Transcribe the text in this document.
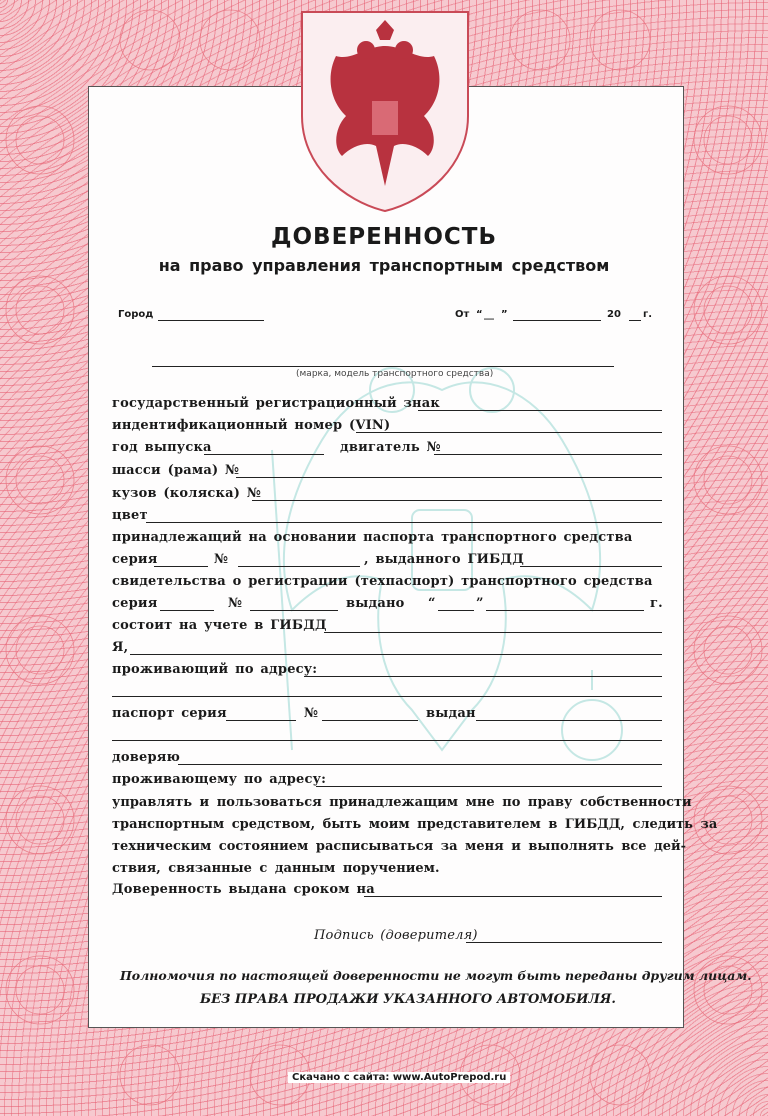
ДОВЕРЕННОСТЬ
на право управления транспортным средством
Город	От “ __ ”	20 г.
(марка, модель транспортного средства)
государственный регистрационный знак
индентификационный номер (VIN)
год выпуска	двигатель №
шасси (рама) №
кузов (коляска) №
цвет
принадлежащий на основании паспорта транспортного средства
серия	№	, выданного ГИБДД
свидетельства о регистрации (техпаспорт) транспортного средства
серия	№	выдано “	”	г.
состоит на учете в ГИБДД
Я,
проживающий по адресу:
паспорт серия	№	выдан
доверяю
проживающему по адресу:
управлять и пользоваться принадлежащим мне по праву собственности
транспортным средством, быть моим представителем в ГИБДД, следить за
техническим состоянием расписываться за меня и выполнять все дей-
ствия, связанные с данным поручением.
Доверенность выдана сроком на
Подпись (доверителя)
Полномочия по настоящей доверенности не могут быть переданы другим лицам.
БЕЗ ПРАВА ПРОДАЖИ УКАЗАННОГО АВТОМОБИЛЯ.
Скачано с сайта: www.AutoPrepod.ru
